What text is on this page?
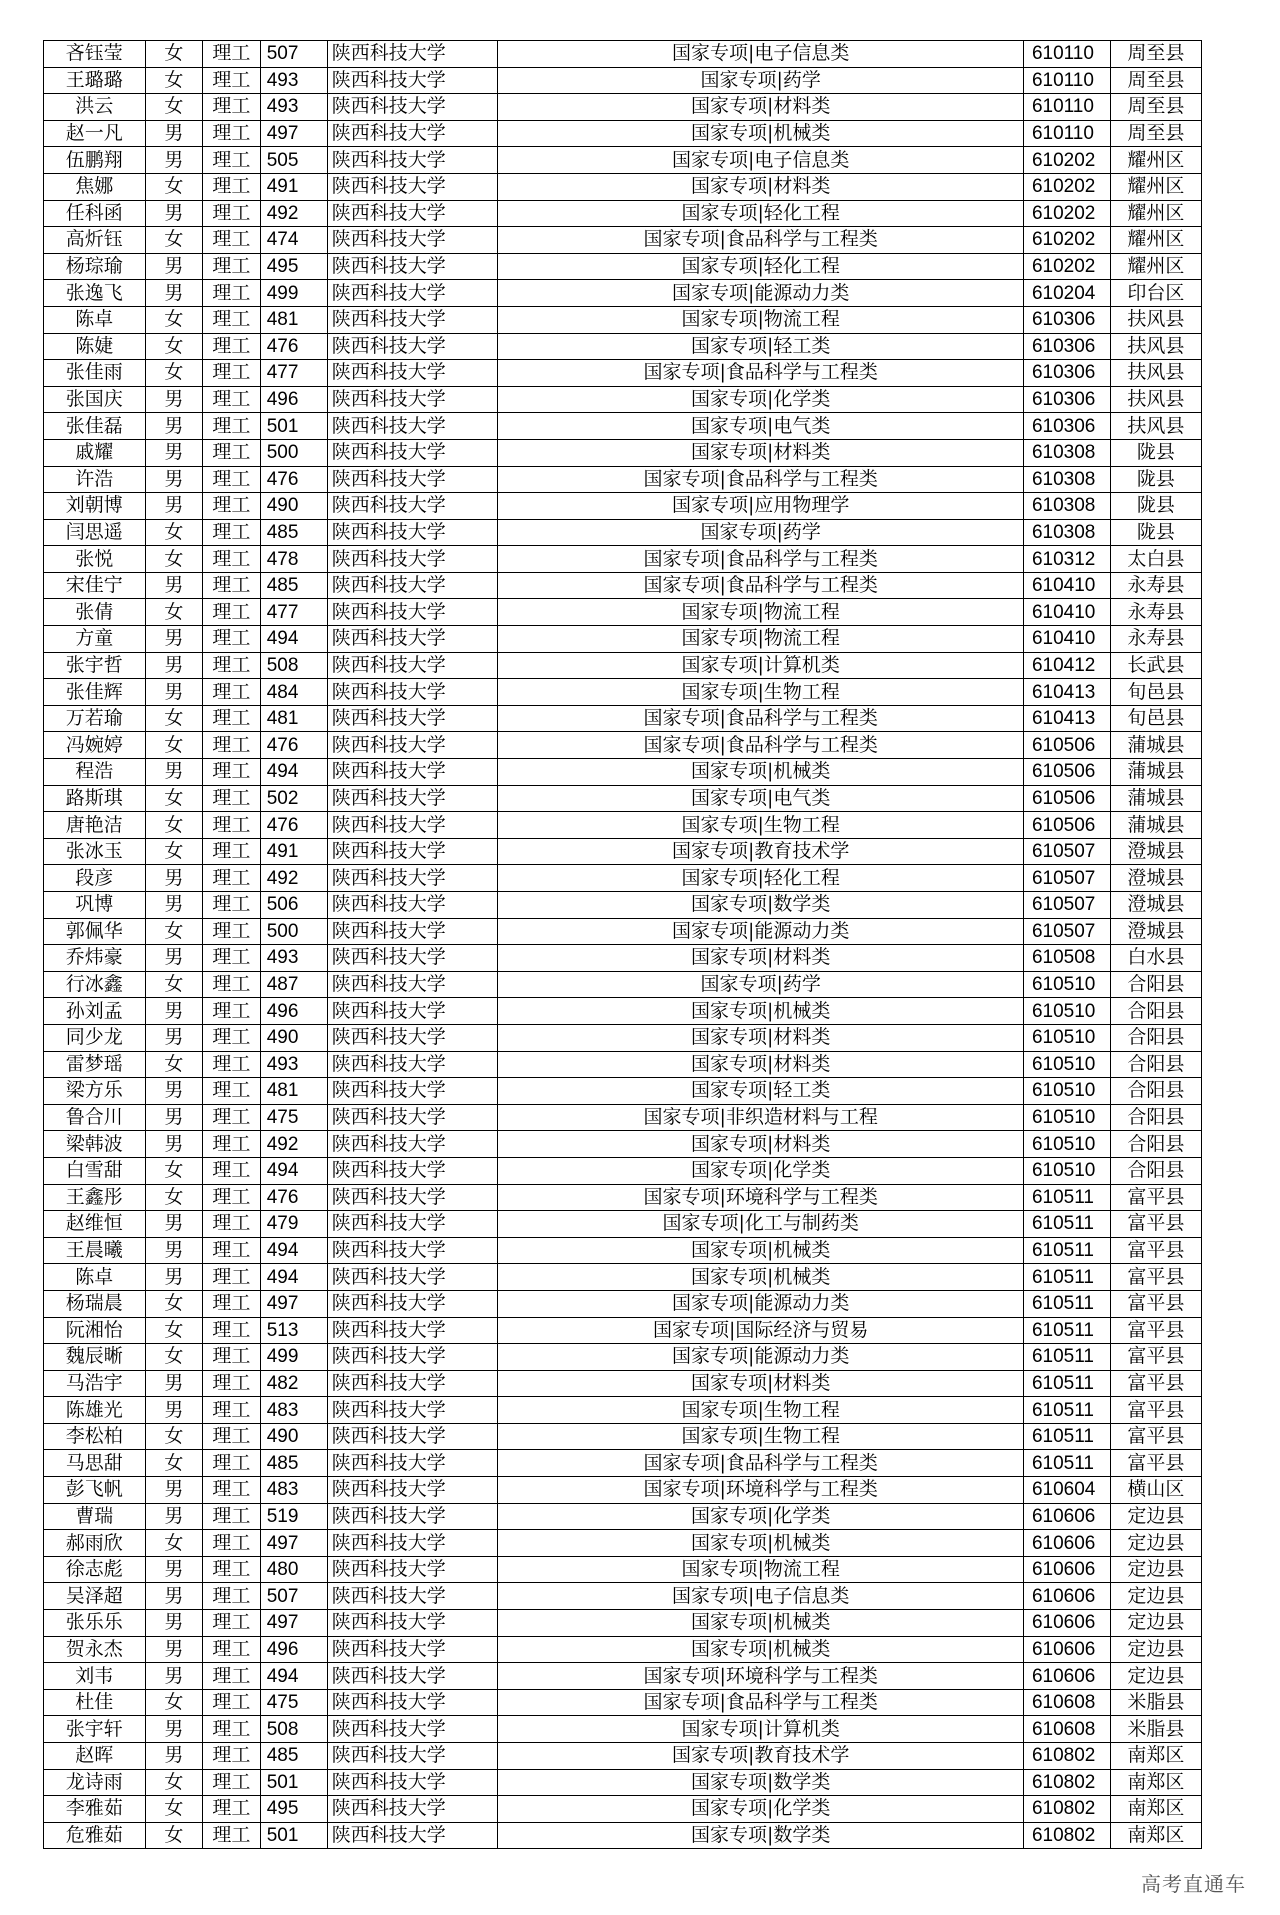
吝钰莹	女	理工	507	陕西科技大学	国家专项|电子信息类	610110	周至县
王璐璐	女	理工	493	陕西科技大学	国家专项|药学	610110	周至县
洪云	女	理工	493	陕西科技大学	国家专项|材料类	610110	周至县
赵一凡	男	理工	497	陕西科技大学	国家专项|机械类	610110	周至县
伍鹏翔	男	理工	505	陕西科技大学	国家专项|电子信息类	610202	耀州区
焦娜	女	理工	491	陕西科技大学	国家专项|材料类	610202	耀州区
任科函	男	理工	492	陕西科技大学	国家专项|轻化工程	610202	耀州区
高炘钰	女	理工	474	陕西科技大学	国家专项|食品科学与工程类	610202	耀州区
杨琮瑜	男	理工	495	陕西科技大学	国家专项|轻化工程	610202	耀州区
张逸飞	男	理工	499	陕西科技大学	国家专项|能源动力类	610204	印台区
陈卓	女	理工	481	陕西科技大学	国家专项|物流工程	610306	扶风县
陈婕	女	理工	476	陕西科技大学	国家专项|轻工类	610306	扶风县
张佳雨	女	理工	477	陕西科技大学	国家专项|食品科学与工程类	610306	扶风县
张国庆	男	理工	496	陕西科技大学	国家专项|化学类	610306	扶风县
张佳磊	男	理工	501	陕西科技大学	国家专项|电气类	610306	扶风县
戚耀	男	理工	500	陕西科技大学	国家专项|材料类	610308	陇县
许浩	男	理工	476	陕西科技大学	国家专项|食品科学与工程类	610308	陇县
刘朝博	男	理工	490	陕西科技大学	国家专项|应用物理学	610308	陇县
闫思遥	女	理工	485	陕西科技大学	国家专项|药学	610308	陇县
张悦	女	理工	478	陕西科技大学	国家专项|食品科学与工程类	610312	太白县
宋佳宁	男	理工	485	陕西科技大学	国家专项|食品科学与工程类	610410	永寿县
张倩	女	理工	477	陕西科技大学	国家专项|物流工程	610410	永寿县
方童	男	理工	494	陕西科技大学	国家专项|物流工程	610410	永寿县
张宇哲	男	理工	508	陕西科技大学	国家专项|计算机类	610412	长武县
张佳辉	男	理工	484	陕西科技大学	国家专项|生物工程	610413	旬邑县
万若瑜	女	理工	481	陕西科技大学	国家专项|食品科学与工程类	610413	旬邑县
冯婉婷	女	理工	476	陕西科技大学	国家专项|食品科学与工程类	610506	蒲城县
程浩	男	理工	494	陕西科技大学	国家专项|机械类	610506	蒲城县
路斯琪	女	理工	502	陕西科技大学	国家专项|电气类	610506	蒲城县
唐艳洁	女	理工	476	陕西科技大学	国家专项|生物工程	610506	蒲城县
张冰玉	女	理工	491	陕西科技大学	国家专项|教育技术学	610507	澄城县
段彦	男	理工	492	陕西科技大学	国家专项|轻化工程	610507	澄城县
巩博	男	理工	506	陕西科技大学	国家专项|数学类	610507	澄城县
郭佩华	女	理工	500	陕西科技大学	国家专项|能源动力类	610507	澄城县
乔炜豪	男	理工	493	陕西科技大学	国家专项|材料类	610508	白水县
行冰鑫	女	理工	487	陕西科技大学	国家专项|药学	610510	合阳县
孙刘孟	男	理工	496	陕西科技大学	国家专项|机械类	610510	合阳县
同少龙	男	理工	490	陕西科技大学	国家专项|材料类	610510	合阳县
雷梦瑶	女	理工	493	陕西科技大学	国家专项|材料类	610510	合阳县
梁方乐	男	理工	481	陕西科技大学	国家专项|轻工类	610510	合阳县
鲁合川	男	理工	475	陕西科技大学	国家专项|非织造材料与工程	610510	合阳县
梁韩波	男	理工	492	陕西科技大学	国家专项|材料类	610510	合阳县
白雪甜	女	理工	494	陕西科技大学	国家专项|化学类	610510	合阳县
王鑫彤	女	理工	476	陕西科技大学	国家专项|环境科学与工程类	610511	富平县
赵维恒	男	理工	479	陕西科技大学	国家专项|化工与制药类	610511	富平县
王晨曦	男	理工	494	陕西科技大学	国家专项|机械类	610511	富平县
陈卓	男	理工	494	陕西科技大学	国家专项|机械类	610511	富平县
杨瑞晨	女	理工	497	陕西科技大学	国家专项|能源动力类	610511	富平县
阮湘怡	女	理工	513	陕西科技大学	国家专项|国际经济与贸易	610511	富平县
魏辰晰	女	理工	499	陕西科技大学	国家专项|能源动力类	610511	富平县
马浩宇	男	理工	482	陕西科技大学	国家专项|材料类	610511	富平县
陈雄光	男	理工	483	陕西科技大学	国家专项|生物工程	610511	富平县
李松柏	女	理工	490	陕西科技大学	国家专项|生物工程	610511	富平县
马思甜	女	理工	485	陕西科技大学	国家专项|食品科学与工程类	610511	富平县
彭飞帆	男	理工	483	陕西科技大学	国家专项|环境科学与工程类	610604	横山区
曹瑞	男	理工	519	陕西科技大学	国家专项|化学类	610606	定边县
郝雨欣	女	理工	497	陕西科技大学	国家专项|机械类	610606	定边县
徐志彪	男	理工	480	陕西科技大学	国家专项|物流工程	610606	定边县
吴泽超	男	理工	507	陕西科技大学	国家专项|电子信息类	610606	定边县
张乐乐	男	理工	497	陕西科技大学	国家专项|机械类	610606	定边县
贺永杰	男	理工	496	陕西科技大学	国家专项|机械类	610606	定边县
刘韦	男	理工	494	陕西科技大学	国家专项|环境科学与工程类	610606	定边县
杜佳	女	理工	475	陕西科技大学	国家专项|食品科学与工程类	610608	米脂县
张宇轩	男	理工	508	陕西科技大学	国家专项|计算机类	610608	米脂县
赵晖	男	理工	485	陕西科技大学	国家专项|教育技术学	610802	南郑区
龙诗雨	女	理工	501	陕西科技大学	国家专项|数学类	610802	南郑区
李雅茹	女	理工	495	陕西科技大学	国家专项|化学类	610802	南郑区
危雅茹	女	理工	501	陕西科技大学	国家专项|数学类	610802	南郑区
高考直通车
